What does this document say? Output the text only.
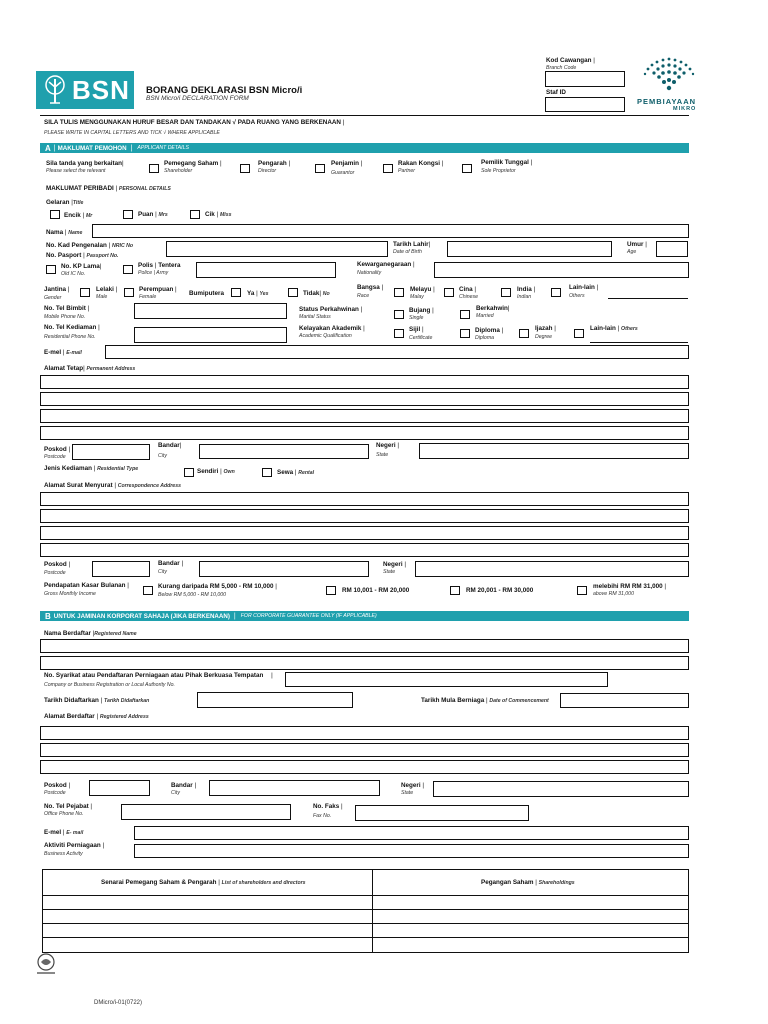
BSN BORANG DEKLARASI BSN Micro/i
BSN Micro/i DECLARATION FORM
Kod Cawangan |
Branch Code
Staf ID
PEMBIAYAAN
MIKRO
SILA TULIS MENGGUNAKAN HURUF BESAR DAN TANDAKAN √ PADA RUANG YANG BERKENAAN |
PLEASE WRITE IN CAPITAL LETTERS AND TICK √ WHERE APPLICABLE
A | MAKLUMAT PEMOHON | APPLICANT DETAILS
Sila tanda yang berkaitan|
Please select the relevant
Pemegang Saham |
Shareholder
Pengarah |
Director
Penjamin |
Guarantor
Rakan Kongsi |
Partner
Pemilik Tunggal |
Sole Proprietor
MAKLUMAT PERIBADI | PERSONAL DETAILS
Gelaran |Title
Encik | Mr	Puan | Mrs	Cik | Miss
Nama | Name
No. Kad Pengenalan | NRIC No
No. Pasport | Passport No.
Tarikh Lahir|
Date of Birth
Umur |
Age
No. KP Lama|
Old IC No.
Polis | Tentera
Police | Army
Kewarganegaraan |
Nationality
Jantina |
Gender
Lelaki |
Male
Perempuan |
Female	Bumiputera	Ya | Yes	Tidak| No
Bangsa |
Race
Melayu |
Malay
Cina |
Chinese
India |
Indian
Lain-lain |
Others
No. Tel Bimbit |
Mobile Phone No.
Status Perkahwinan |
Marital Status
Bujang |
Single
Berkahwin|
Married
No. Tel Kediaman |
Residential Phone No.
Kelayakan Akademik |
Academic Qualification
Sijil |
Certificate
Diploma |
Diploma
Ijazah |
Degree
Lain-lain | Others
E-mel | E-mail
Alamat Tetap| Permanent Address
Poskod |
Postcode
Bandar|
City
Negeri |
State
Jenis Kediaman | Residential Type	Sendiri | Own	Sewa | Rental
Alamat Surat Menyurat | Correspondence Address
Poskod |
Postcode
Bandar |
City
Negeri |
State
Pendapatan Kasar Bulanan |
Gross Monthly Income
Kurang daripada RM 5,000 - RM 10,000 |
Below RM 5,000 - RM 10,000
RM 10,001 - RM 20,000	RM 20,001 - RM 30,000
melebihi RM RM 31,000 |
above RM 31,000
B UNTUK JAMINAN KORPORAT SAHAJA (JIKA BERKENAAN) | FOR CORPORATE GUARANTEE ONLY (IF APPLICABLE)
Nama Berdaftar |Registered Name
No. Syarikat atau Pendaftaran Perniagaan atau Pihak Berkuasa Tempatan |
Company or Business Registration or Local Authority No.
Tarikh Didaftarkan | Tarikh Didaftarkan	Tarikh Mula Berniaga | Date of Commencement
Alamat Berdaftar | Registered Address
Poskod |
Postcode
Bandar |
City
Negeri |
State
No. Tel Pejabat |
Office Phone No.
No. Faks |
Fax No.
E-mel | E- mail
Aktiviti Perniagaan |
Business Activity
Senarai Pemegang Saham & Pengarah | List of shareholders and directors	Pegangan Saham | Shareholdings
DMicro/i-01(0722)
